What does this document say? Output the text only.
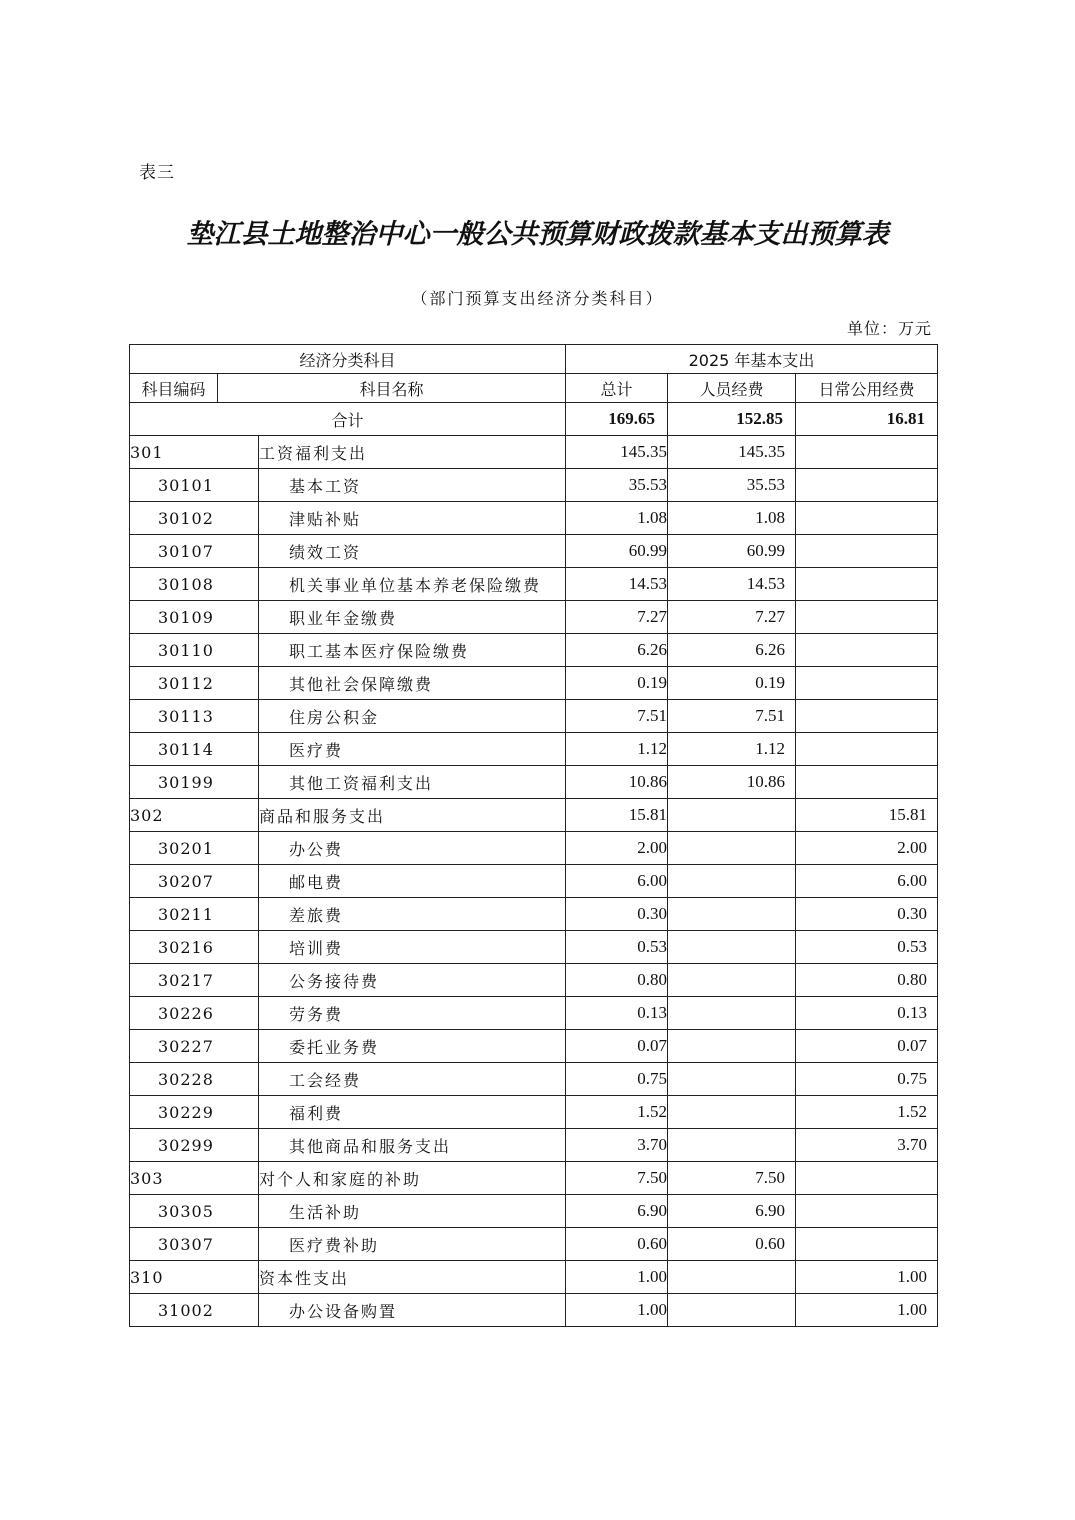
表三
垫江县土地整治中心一般公共预算财政拨款基本支出预算表
（部门预算支出经济分类科目）
单位：万元
经济分类科目			2025 年基本支出		
科目编码	科目名称		总计	人员经费	日常公用经费
合计			169.65	152.85	16.81
301		工资福利支出	145.35	145.35	
30101		基本工资	35.53	35.53	
30102		津贴补贴	1.08	1.08	
30107		绩效工资	60.99	60.99	
30108		机关事业单位基本养老保险缴费	14.53	14.53	
30109		职业年金缴费	7.27	7.27	
30110		职工基本医疗保险缴费	6.26	6.26	
30112		其他社会保障缴费	0.19	0.19	
30113		住房公积金	7.51	7.51	
30114		医疗费	1.12	1.12	
30199		其他工资福利支出	10.86	10.86	
302		商品和服务支出	15.81		15.81
30201		办公费	2.00		2.00
30207		邮电费	6.00		6.00
30211		差旅费	0.30		0.30
30216		培训费	0.53		0.53
30217		公务接待费	0.80		0.80
30226		劳务费	0.13		0.13
30227		委托业务费	0.07		0.07
30228		工会经费	0.75		0.75
30229		福利费	1.52		1.52
30299		其他商品和服务支出	3.70		3.70
303		对个人和家庭的补助	7.50	7.50	
30305		生活补助	6.90	6.90	
30307		医疗费补助	0.60	0.60	
310		资本性支出	1.00		1.00
31002		办公设备购置	1.00		1.00
